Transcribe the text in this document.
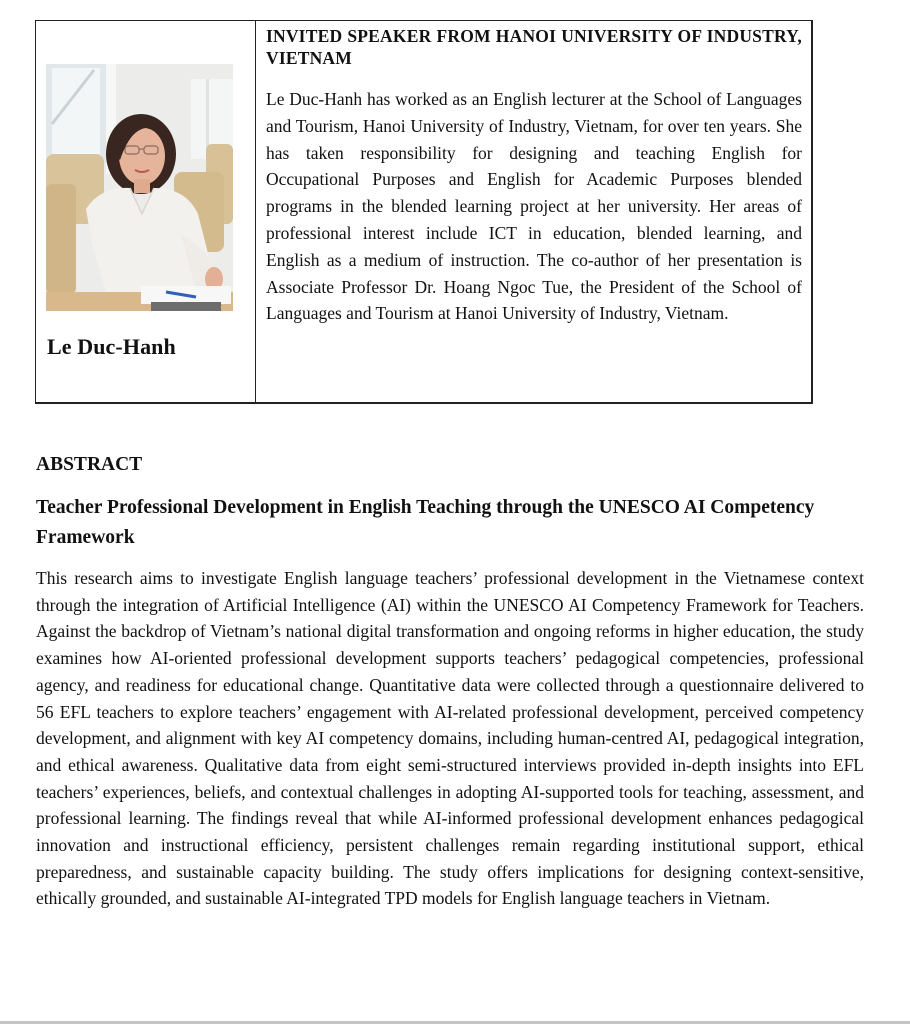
Le Duc-Hanh
INVITED SPEAKER FROM HANOI UNIVERSITY OF INDUSTRY, VIETNAM

Le Duc-Hanh has worked as an English lecturer at the School of Languages and Tourism, Hanoi University of Industry, Vietnam, for over ten years. She has taken responsibility for designing and teaching English for Occupational Purposes and English for Academic Purposes blended programs in the blended learning project at her university. Her areas of professional interest include ICT in education, blended learning, and English as a medium of instruction. The co-author of her presentation is Associate Professor Dr. Hoang Ngoc Tue, the President of the School of Languages and Tourism at Hanoi University of Industry, Vietnam.

ABSTRACT
Teacher Professional Development in English Teaching through the UNESCO AI Competency Framework

This research aims to investigate English language teachers’ professional development in the Vietnamese context through the integration of Artificial Intelligence (AI) within the UNESCO AI Competency Framework for Teachers. Against the backdrop of Vietnam’s national digital transformation and ongoing reforms in higher education, the study examines how AI-oriented professional development supports teachers’ pedagogical competencies, professional agency, and readiness for educational change. Quantitative data were collected through a questionnaire delivered to 56 EFL teachers to explore teachers’ engagement with AI-related professional development, perceived competency development, and alignment with key AI competency domains, including human-centred AI, pedagogical integration, and ethical awareness. Qualitative data from eight semi-structured interviews provided in-depth insights into EFL teachers’ experiences, beliefs, and contextual challenges in adopting AI-supported tools for teaching, assessment, and professional learning. The findings reveal that while AI-informed professional development enhances pedagogical innovation and instructional efficiency, persistent challenges remain regarding institutional support, ethical preparedness, and sustainable capacity building. The study offers implications for designing context-sensitive, ethically grounded, and sustainable AI-integrated TPD models for English language teachers in Vietnam.
